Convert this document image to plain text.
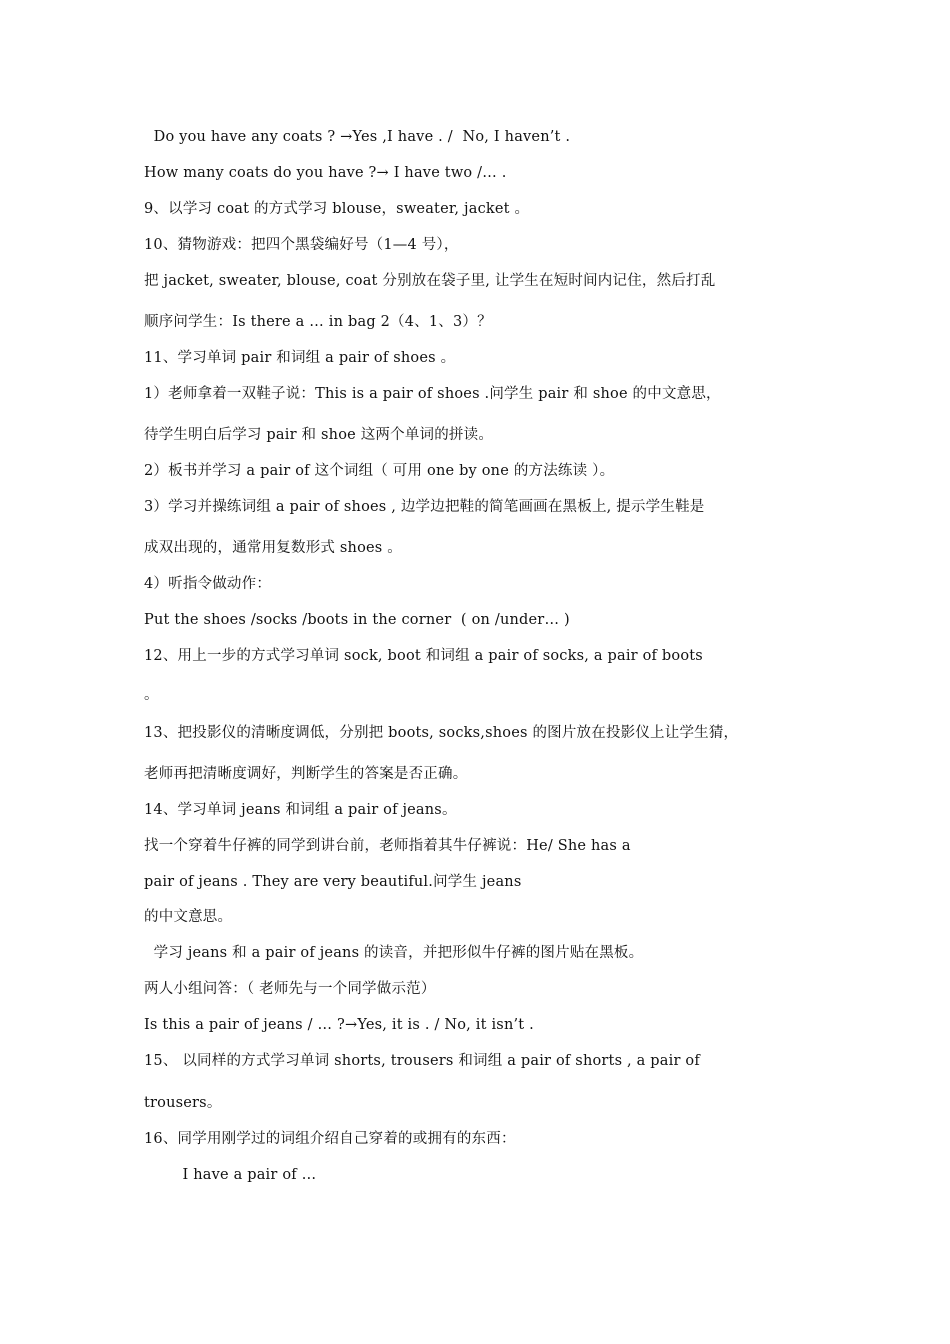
Do you have any coats ? →Yes ,I have . /  No, I haven’t .
How many coats do you have ?→ I have two /… .
9、以学习 coat 的方式学习 blouse，sweater, jacket 。
10、猜物游戏：把四个黑袋编好号（1—4 号），
把 jacket, sweater, blouse, coat 分别放在袋子里, 让学生在短时间内记住，然后打乱
顺序问学生：Is there a … in bag 2（4、1、3）？
11、学习单词 pair 和词组 a pair of shoes 。
1）老师拿着一双鞋子说：This is a pair of shoes .问学生 pair 和 shoe 的中文意思，
待学生明白后学习 pair 和 shoe 这两个单词的拼读。
2）板书并学习 a pair of 这个词组（ 可用 one by one 的方法练读 ）。
3）学习并操练词组 a pair of shoes , 边学边把鞋的简笔画画在黑板上, 提示学生鞋是
成双出现的，通常用复数形式 shoes 。
4）听指令做动作：
Put the shoes /socks /boots in the corner  ( on /under… )
12、用上一步的方式学习单词 sock, boot 和词组 a pair of socks, a pair of boots
。
13、把投影仪的清晰度调低，分别把 boots, socks,shoes 的图片放在投影仪上让学生猜，
老师再把清晰度调好，判断学生的答案是否正确。
14、学习单词 jeans 和词组 a pair of jeans。
找一个穿着牛仔裤的同学到讲台前，老师指着其牛仔裤说：He/ She has a
pair of jeans . They are very beautiful.问学生 jeans
的中文意思。
学习 jeans 和 a pair of jeans 的读音，并把形似牛仔裤的图片贴在黑板。
两人小组问答：（ 老师先与一个同学做示范）
Is this a pair of jeans / … ?→Yes, it is . / No, it isn’t .
15、 以同样的方式学习单词 shorts, trousers 和词组 a pair of shorts , a pair of
trousers。
16、同学用刚学过的词组介绍自己穿着的或拥有的东西：
I have a pair of …
